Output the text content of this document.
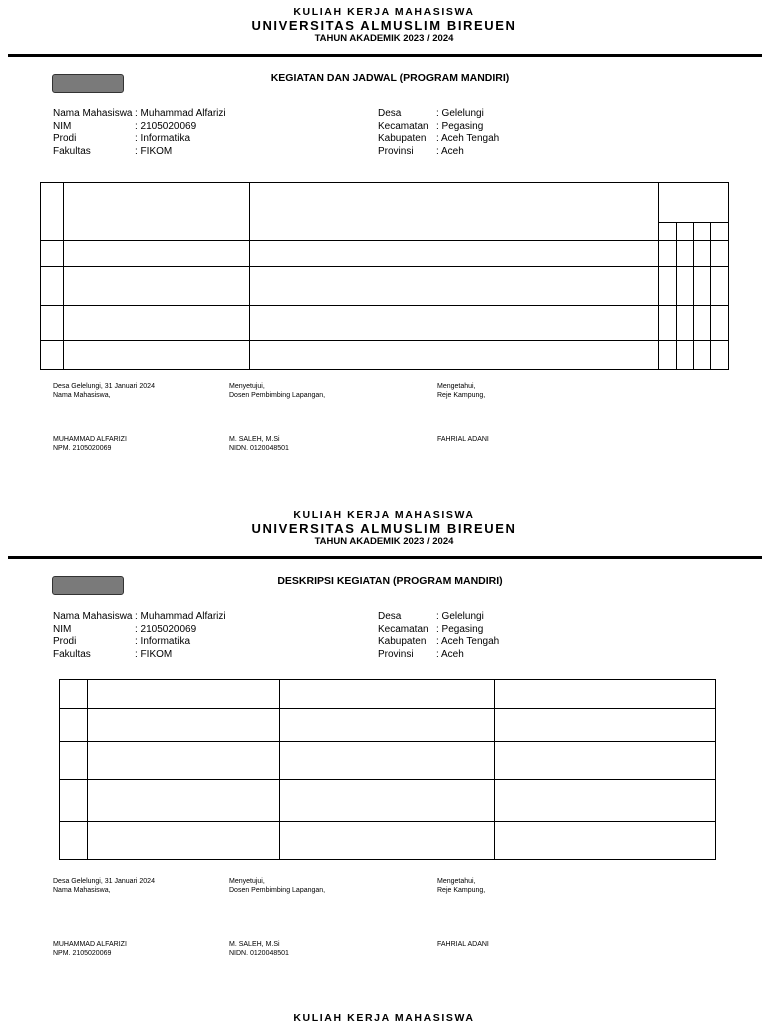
KULIAH KERJA MAHASISWA
UNIVERSITAS ALMUSLIM BIREUEN
TAHUN AKADEMIK 2023 / 2024
KEGIATAN DAN JADWAL (PROGRAM MANDIRI)
Nama Mahasiswa : Muhammad Alfarizi
NIM	: 2105020069
Prodi	: Informatika
Fakultas	: FIKOM
Desa	: Gelelungi
Kecamatan : Pegasing
Kabupaten : Aceh Tengah
Provinsi	: Aceh
Desa Gelelungi, 31 Januari 2024
Nama Mahasiswa,
MUHAMMAD ALFARIZI
NPM. 2105020069
Menyetujui,
Dosen Pembimbing Lapangan,
M. SALEH, M.Si
NIDN. 0120048501
Mengetahui,
Reje Kampung,
FAHRIAL ADANI
KULIAH KERJA MAHASISWA
UNIVERSITAS ALMUSLIM BIREUEN
TAHUN AKADEMIK 2023 / 2024
DESKRIPSI KEGIATAN (PROGRAM MANDIRI)
Nama Mahasiswa : Muhammad Alfarizi
NIM	: 2105020069
Prodi	: Informatika
Fakultas	: FIKOM
Desa	: Gelelungi
Kecamatan : Pegasing
Kabupaten : Aceh Tengah
Provinsi	: Aceh
Desa Gelelungi, 31 Januari 2024
Nama Mahasiswa,
MUHAMMAD ALFARIZI
NPM. 2105020069
Menyetujui,
Dosen Pembimbing Lapangan,
M. SALEH, M.Si
NIDN. 0120048501
Mengetahui,
Reje Kampung,
FAHRIAL ADANI
KULIAH KERJA MAHASISWA
